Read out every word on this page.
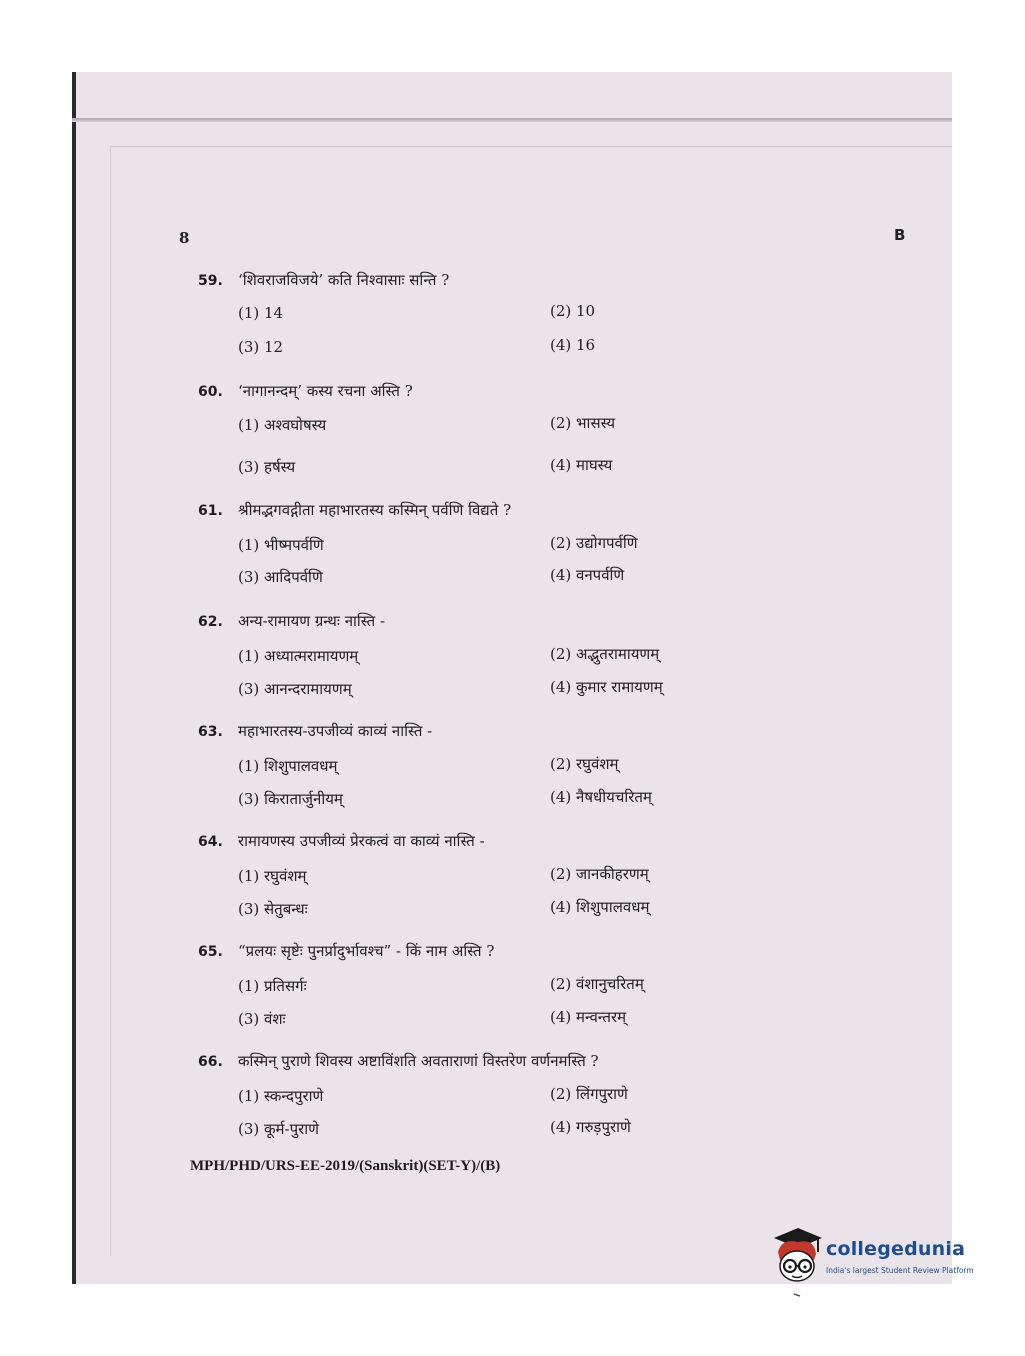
8	B
59.	‘शिवराजविजये’ कति निश्वासाः सन्ति ?
(1) 14	(2) 10
(3) 12	(4) 16
60.	‘नागानन्दम्’ कस्य रचना अस्ति ?
(1) अश्वघोषस्य	(2) भासस्य
(3) हर्षस्य	(4) माघस्य
61.	श्रीमद्भगवद्गीता महाभारतस्य कस्मिन् पर्वणि विद्यते ?
(1) भीष्मपर्वणि	(2) उद्योगपर्वणि
(3) आदिपर्वणि	(4) वनपर्वणि
62.	अन्य-रामायण ग्रन्थः नास्ति -
(1) अध्यात्मरामायणम्	(2) अद्भुतरामायणम्
(3) आनन्दरामायणम्	(4) कुमार रामायणम्
63.	महाभारतस्य-उपजीव्यं काव्यं नास्ति -
(1) शिशुपालवधम्	(2) रघुवंशम्
(3) किरातार्जुनीयम्	(4) नैषधीयचरितम्
64.	रामायणस्य उपजीव्यं प्रेरकत्वं वा काव्यं नास्ति -
(1) रघुवंशम्	(2) जानकीहरणम्
(3) सेतुबन्धः	(4) शिशुपालवधम्
65.	“प्रलयः सृष्टेः पुनर्प्रादुर्भावश्च” - किं नाम अस्ति ?
(1) प्रतिसर्गः	(2) वंशानुचरितम्
(3) वंशः	(4) मन्वन्तरम्
66.	कस्मिन् पुराणे शिवस्य अष्टाविंशति अवताराणां विस्तरेण वर्णनमस्ति ?
(1) स्कन्दपुराणे	(2) लिंगपुराणे
(3) कूर्म-पुराणे	(4) गरुड़पुराणे
MPH/PHD/URS-EE-2019/(Sanskrit)(SET-Y)/(B)
collegedunia
India's largest Student Review Platform
